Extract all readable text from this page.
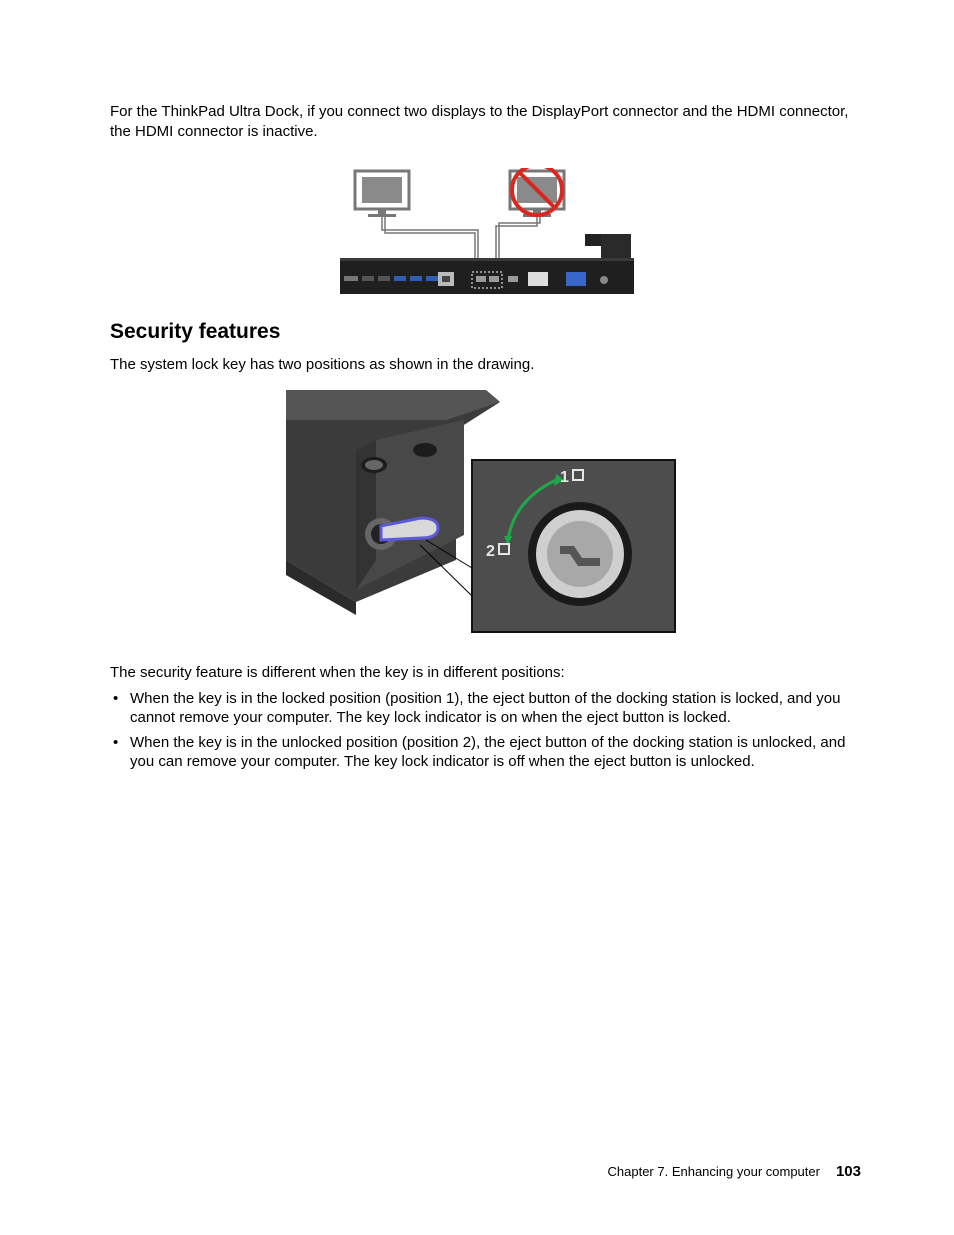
For the ThinkPad Ultra Dock, if you connect two displays to the DisplayPort connector and the HDMI connector, the HDMI connector is inactive.

Security features

The system lock key has two positions as shown in the drawing.

1
2

The security feature is different when the key is in different positions:

• When the key is in the locked position (position 1), the eject button of the docking station is locked, and you cannot remove your computer. The key lock indicator is on when the eject button is locked.
• When the key is in the unlocked position (position 2), the eject button of the docking station is unlocked, and you can remove your computer. The key lock indicator is off when the eject button is unlocked.
Chapter 7. Enhancing your computer 103
